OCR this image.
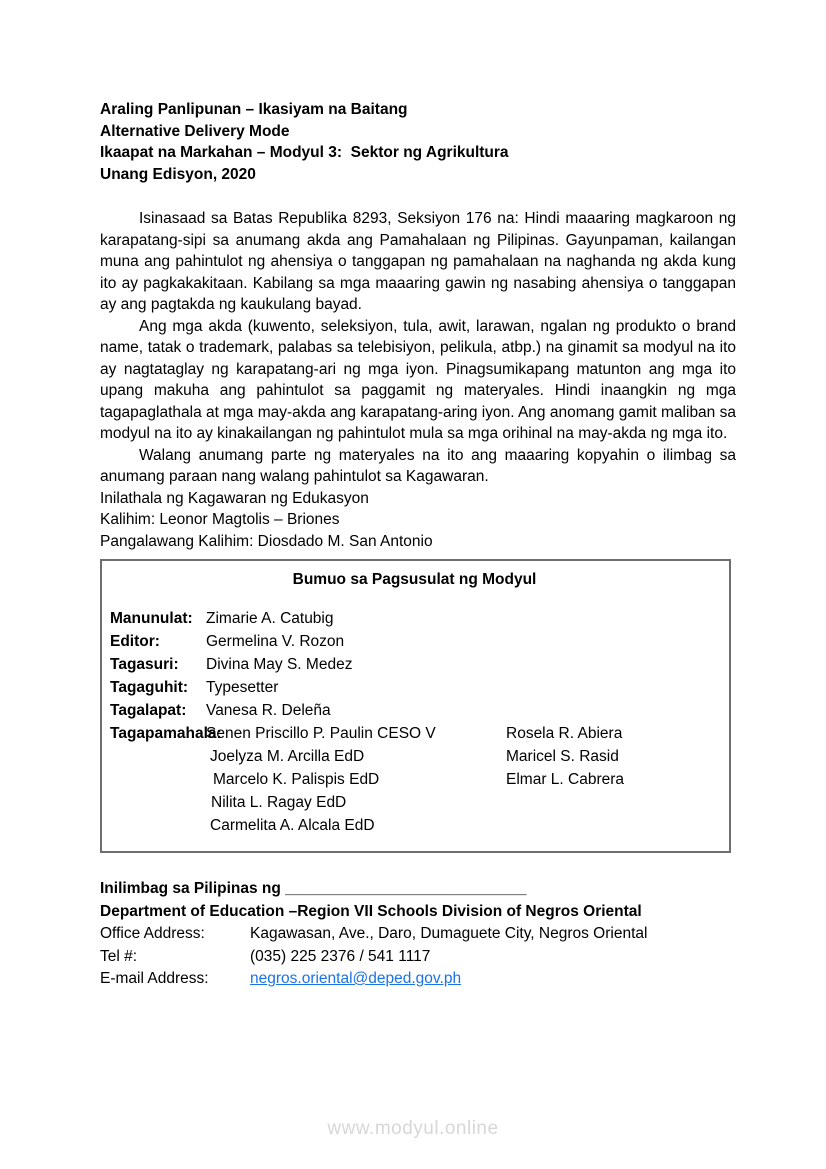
Araling Panlipunan – Ikasiyam na Baitang
Alternative Delivery Mode
Ikaapat na Markahan – Modyul 3:  Sektor ng Agrikultura
Unang Edisyon, 2020

Isinasaad sa Batas Republika 8293, Seksiyon 176 na: Hindi maaaring magkaroon ng karapatang-sipi sa anumang akda ang Pamahalaan ng Pilipinas. Gayunpaman, kailangan muna ang pahintulot ng ahensiya o tanggapan ng pamahalaan na naghanda ng akda kung ito ay pagkakakitaan. Kabilang sa mga maaaring gawin ng nasabing ahensiya o tanggapan ay ang pagtakda ng kaukulang bayad.

Ang mga akda (kuwento, seleksiyon, tula, awit, larawan, ngalan ng produkto o brand name, tatak o trademark, palabas sa telebisiyon, pelikula, atbp.) na ginamit sa modyul na ito ay nagtataglay ng karapatang-ari ng mga iyon. Pinagsumikapang matunton ang mga ito upang makuha ang pahintulot sa paggamit ng materyales. Hindi inaangkin ng mga tagapaglathala at mga may-akda ang karapatang-aring iyon. Ang anomang gamit maliban sa modyul na ito ay kinakailangan ng pahintulot mula sa mga orihinal na may-akda ng mga ito.

Walang anumang parte ng materyales na ito ang maaaring kopyahin o ilimbag sa anumang paraan nang walang pahintulot sa Kagawaran.

Inilathala ng Kagawaran ng Edukasyon
Kalihim: Leonor Magtolis – Briones
Pangalawang Kalihim: Diosdado M. San Antonio
Bumuo sa Pagsusulat ng Modyul
Manunulat: Zimarie A. Catubig
Editor:	Germelina V. Rozon
Tagasuri:	Divina May S. Medez
Tagaguhit:	Typesetter
Tagalapat:	Vanesa R. Deleña
Tagapamahala:
Senen Priscillo P. Paulin CESO V	Rosela R. Abiera
Joelyza M. Arcilla EdD	Maricel S. Rasid
Marcelo K. Palispis EdD	Elmar L. Cabrera
Nilita L. Ragay EdD
Carmelita A. Alcala EdD
Inilimbag sa Pilipinas ng ____________________________
Department of Education –Region VII Schools Division of Negros Oriental
Office Address:	Kagawasan, Ave., Daro, Dumaguete City, Negros Oriental
Tel #:	(035) 225 2376 / 541 1117
E-mail Address:	negros.oriental@deped.gov.ph
www.modyul.online
